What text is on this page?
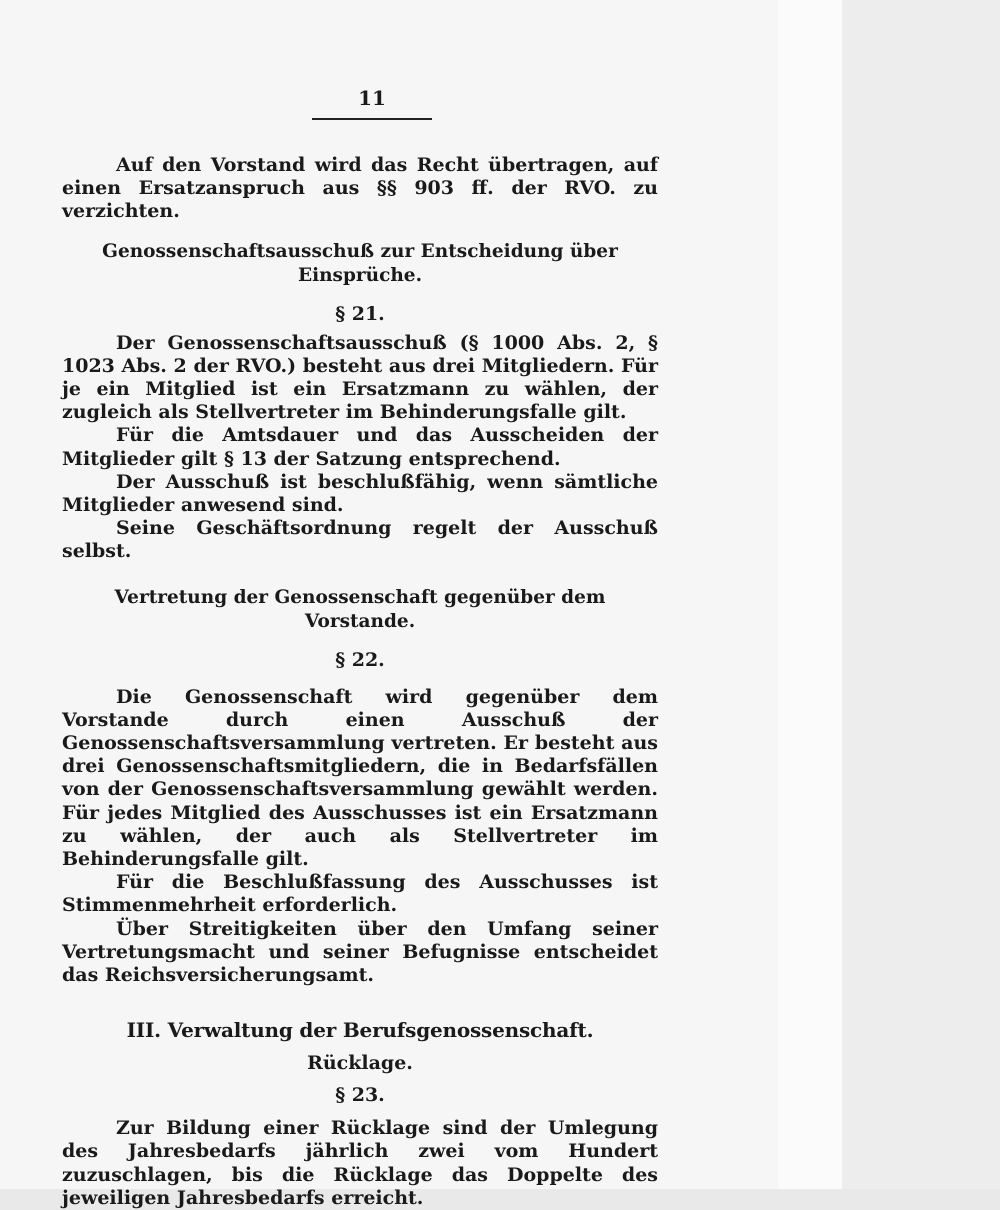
11

Auf den Vorstand wird das Recht übertragen, auf einen Ersatzanspruch aus §§ 903 ff. der RVO. zu verzichten.

Genossenschaftsausschuß zur Entscheidung über Einsprüche.

§ 21.

Der Genossenschaftsausschuß (§ 1000 Abs. 2, § 1023 Abs. 2 der RVO.) besteht aus drei Mitgliedern. Für je ein Mitglied ist ein Ersatzmann zu wählen, der zugleich als Stellvertreter im Behinderungsfalle gilt.

Für die Amtsdauer und das Ausscheiden der Mitglieder gilt § 13 der Satzung entsprechend.

Der Ausschuß ist beschlußfähig, wenn sämtliche Mitglieder anwesend sind.

Seine Geschäftsordnung regelt der Ausschuß selbst.

Vertretung der Genossenschaft gegenüber dem Vorstande.

§ 22.

Die Genossenschaft wird gegenüber dem Vorstande durch einen Ausschuß der Genossenschaftsversammlung vertreten. Er besteht aus drei Genossenschaftsmitgliedern, die in Bedarfsfällen von der Genossenschaftsversammlung gewählt werden. Für jedes Mitglied des Ausschusses ist ein Ersatzmann zu wählen, der auch als Stellvertreter im Behinderungsfalle gilt.

Für die Beschlußfassung des Ausschusses ist Stimmenmehrheit erforderlich.

Über Streitigkeiten über den Umfang seiner Vertretungsmacht und seiner Befugnisse entscheidet das Reichsversicherungsamt.

III. Verwaltung der Berufsgenossenschaft.

Rücklage.

§ 23.

Zur Bildung einer Rücklage sind der Umlegung des Jahresbedarfs jährlich zwei vom Hundert zuzuschlagen, bis die Rücklage das Doppelte des jeweiligen Jahresbedarfs erreicht.
